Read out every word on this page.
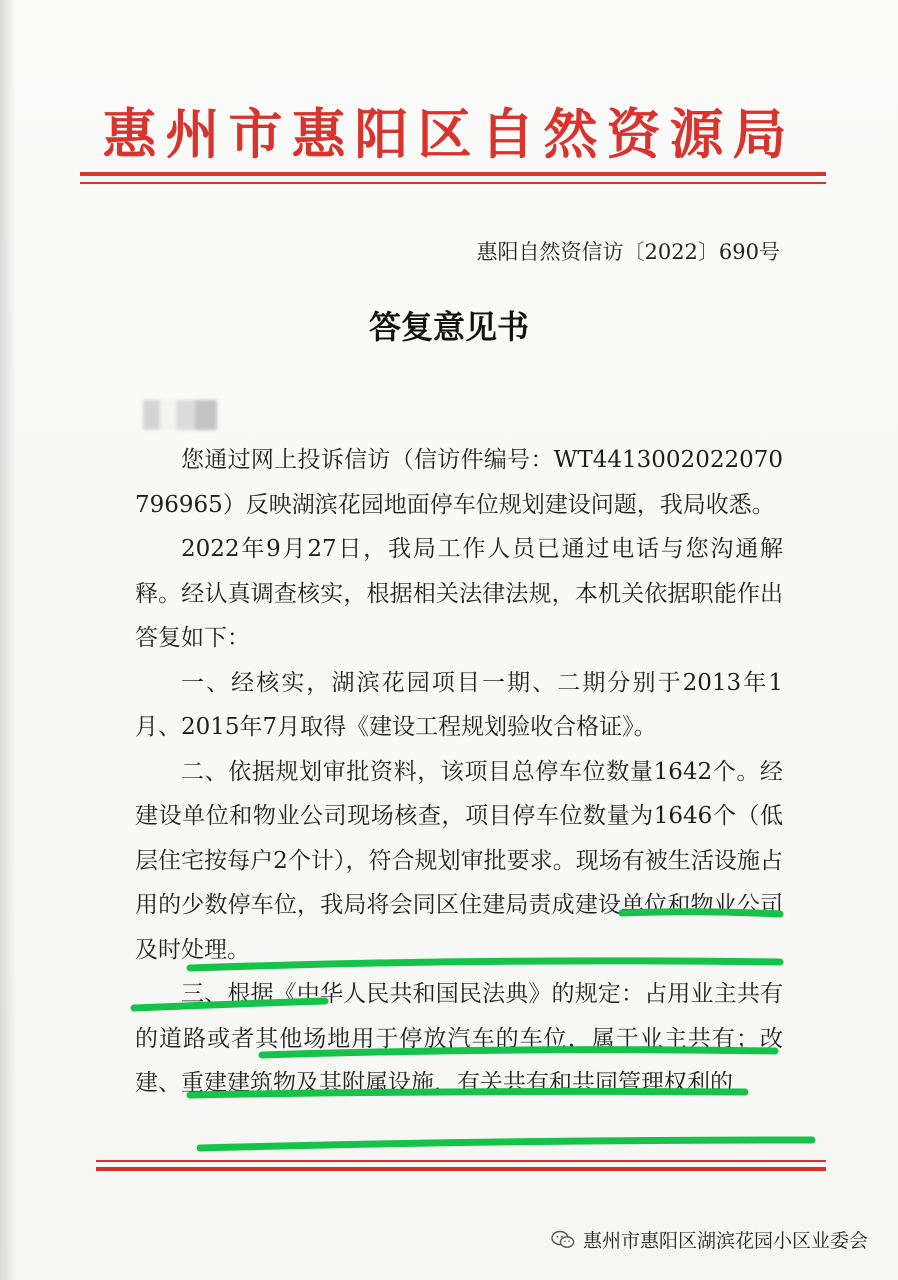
惠州市惠阳区自然资源局
惠阳自然资信访〔2022〕690号
答复意见书

您通过网上投诉信访（信访件编号：WT4413002022070796965）反映湖滨花园地面停车位规划建设问题，我局收悉。

2022年9月27日，我局工作人员已通过电话与您沟通解释。经认真调查核实，根据相关法律法规，本机关依据职能作出答复如下：

一、经核实，湖滨花园项目一期、二期分别于2013年1月、2015年7月取得《建设工程规划验收合格证》。

二、依据规划审批资料，该项目总停车位数量1642个。经建设单位和物业公司现场核查，项目停车位数量为1646个（低层住宅按每户2个计），符合规划审批要求。现场有被生活设施占用的少数停车位，我局将会同区住建局责成建设单位和物业公司及时处理。

三、根据《中华人民共和国民法典》的规定：占用业主共有的道路或者其他场地用于停放汽车的车位，属于业主共有；改建、重建建筑物及其附属设施，有关共有和共同管理权利的

惠州市惠阳区湖滨花园小区业委会
